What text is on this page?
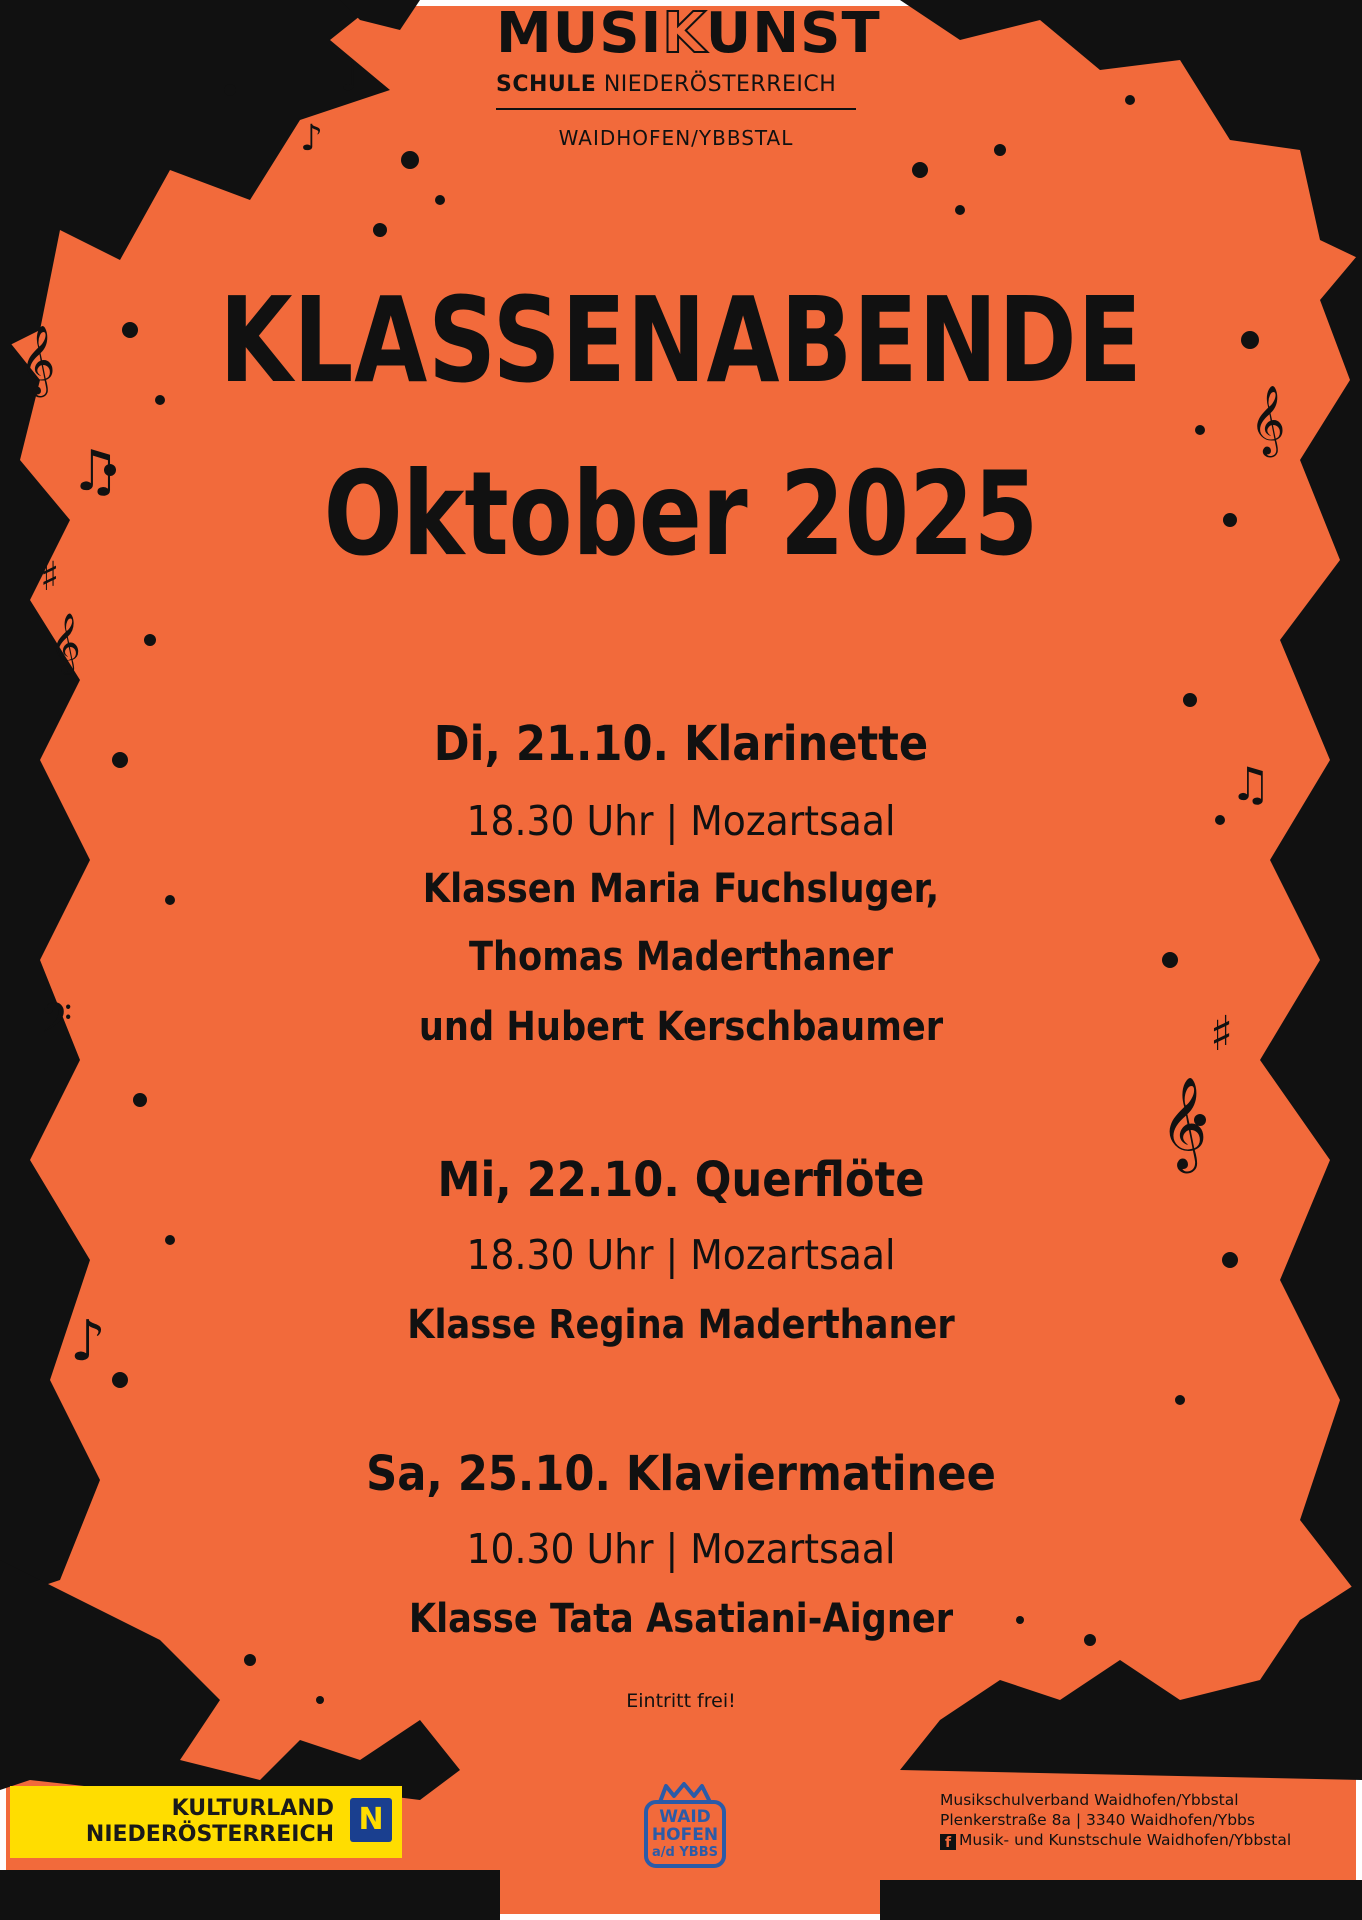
𝄞
♫
♯
𝄞
𝄢
♪
𝄞
♯
𝄞
♫
♩
♪
MUSIKUNST
SCHULE NIEDERÖSTERREICH
WAIDHOFEN/YBBSTAL
KLASSENABENDE
Oktober 2025
Di, 21.10. Klarinette
18.30 Uhr | Mozartsaal
Klassen Maria Fuchsluger,
Thomas Maderthaner
und Hubert Kerschbaumer
Mi, 22.10. Querflöte
18.30 Uhr | Mozartsaal
Klasse Regina Maderthaner
Sa, 25.10. Klaviermatinee
10.30 Uhr | Mozartsaal
Klasse Tata Asatiani-Aigner
Eintritt frei!
KULTURLAND
NIEDERÖSTERREICH N	WAID
HOFEN
a/d YBBS
Musikschulverband Waidhofen/Ybbstal
Plenkerstraße 8a | 3340 Waidhofen/Ybbs
f Musik- und Kunstschule Waidhofen/Ybbstal
